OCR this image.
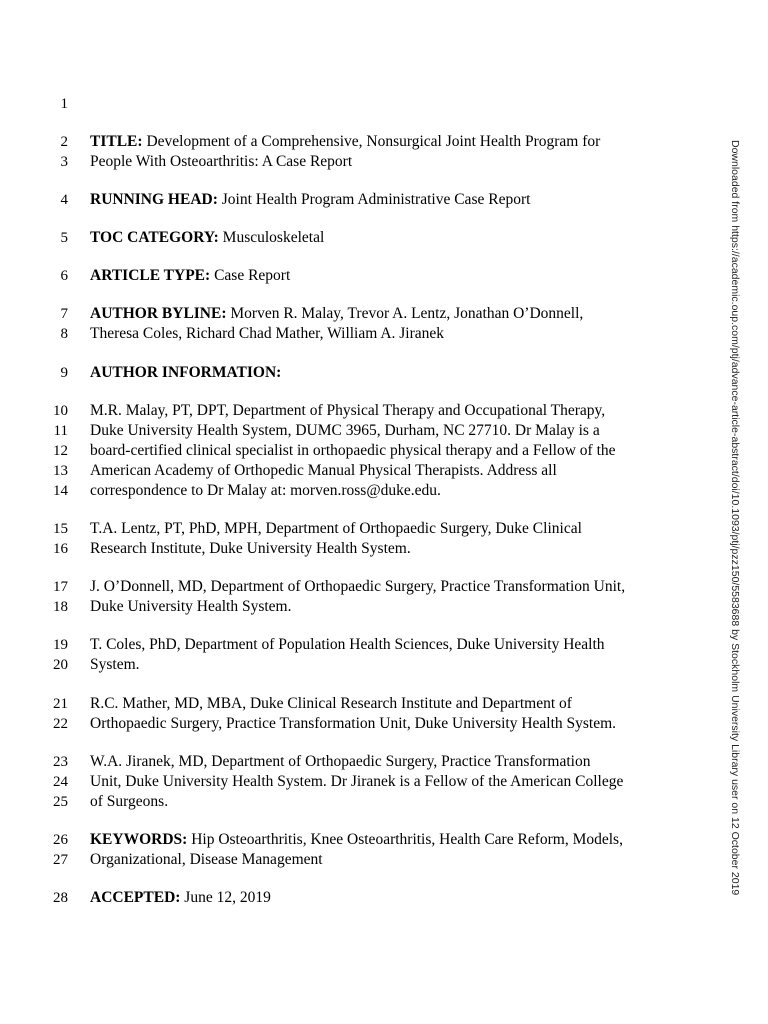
1
2 TITLE: Development of a Comprehensive, Nonsurgical Joint Health Program for
3 People With Osteoarthritis: A Case Report
4 RUNNING HEAD: Joint Health Program Administrative Case Report
5 TOC CATEGORY: Musculoskeletal
6 ARTICLE TYPE: Case Report
7 AUTHOR BYLINE: Morven R. Malay, Trevor A. Lentz, Jonathan O’Donnell,
8 Theresa Coles, Richard Chad Mather, William A. Jiranek
9 AUTHOR INFORMATION:
10 M.R. Malay, PT, DPT, Department of Physical Therapy and Occupational Therapy,
11 Duke University Health System, DUMC 3965, Durham, NC 27710. Dr Malay is a
12 board-certified clinical specialist in orthopaedic physical therapy and a Fellow of the
13 American Academy of Orthopedic Manual Physical Therapists. Address all
14 correspondence to Dr Malay at: morven.ross@duke.edu.
15 T.A. Lentz, PT, PhD, MPH, Department of Orthopaedic Surgery, Duke Clinical
16 Research Institute, Duke University Health System.
17 J. O’Donnell, MD, Department of Orthopaedic Surgery, Practice Transformation Unit,
18 Duke University Health System.
19 T. Coles, PhD, Department of Population Health Sciences, Duke University Health
20 System.
21 R.C. Mather, MD, MBA, Duke Clinical Research Institute and Department of
22 Orthopaedic Surgery, Practice Transformation Unit, Duke University Health System.
23 W.A. Jiranek, MD, Department of Orthopaedic Surgery, Practice Transformation
24 Unit, Duke University Health System. Dr Jiranek is a Fellow of the American College
25 of Surgeons.
26 KEYWORDS: Hip Osteoarthritis, Knee Osteoarthritis, Health Care Reform, Models,
27 Organizational, Disease Management
28 ACCEPTED: June 12, 2019
Downloaded from https://academic.oup.com/ptj/advance-article-abstract/doi/10.1093/ptj/pzz150/5583688 by Stockholm University Library user on 12 October 2019
